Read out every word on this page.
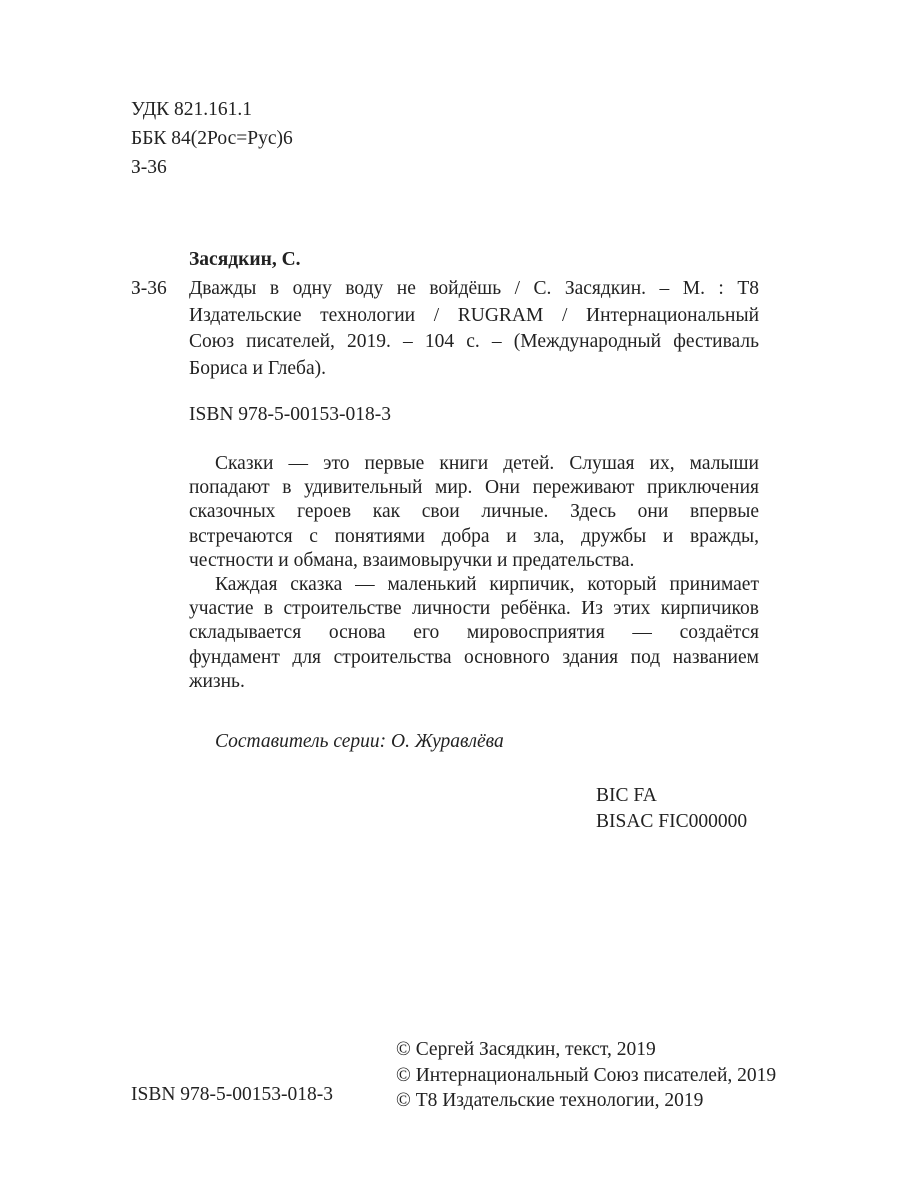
УДК 821.161.1
ББК 84(2Рос=Рус)6
З-36
Засядкин, С.
З-36 Дважды в одну воду не войдёшь / С. Засядкин. – М. : Т8
Издательские технологии / RUGRAM / Интернациональный
Союз писателей, 2019. – 104 с. – (Международный фестиваль
Бориса и Глеба).
ISBN 978-5-00153-018-3
Сказки — это первые книги детей. Слушая их, малыши
попадают в удивительный мир. Они переживают приключения
сказочных героев как свои личные. Здесь они впервые
встречаются с понятиями добра и зла, дружбы и вражды,
честности и обмана, взаимовыручки и предательства.
Каждая сказка — маленький кирпичик, который принимает
участие в строительстве личности ребёнка. Из этих кирпичиков
складывается основа его мировосприятия — создаётся
фундамент для строительства основного здания под названием
жизнь.
Составитель серии: О. Журавлёва
BIC FA
BISAC FIC000000
© Сергей Засядкин, текст, 2019
© Интернациональный Союз писателей, 2019
© Т8 Издательские технологии, 2019
ISBN 978-5-00153-018-3
